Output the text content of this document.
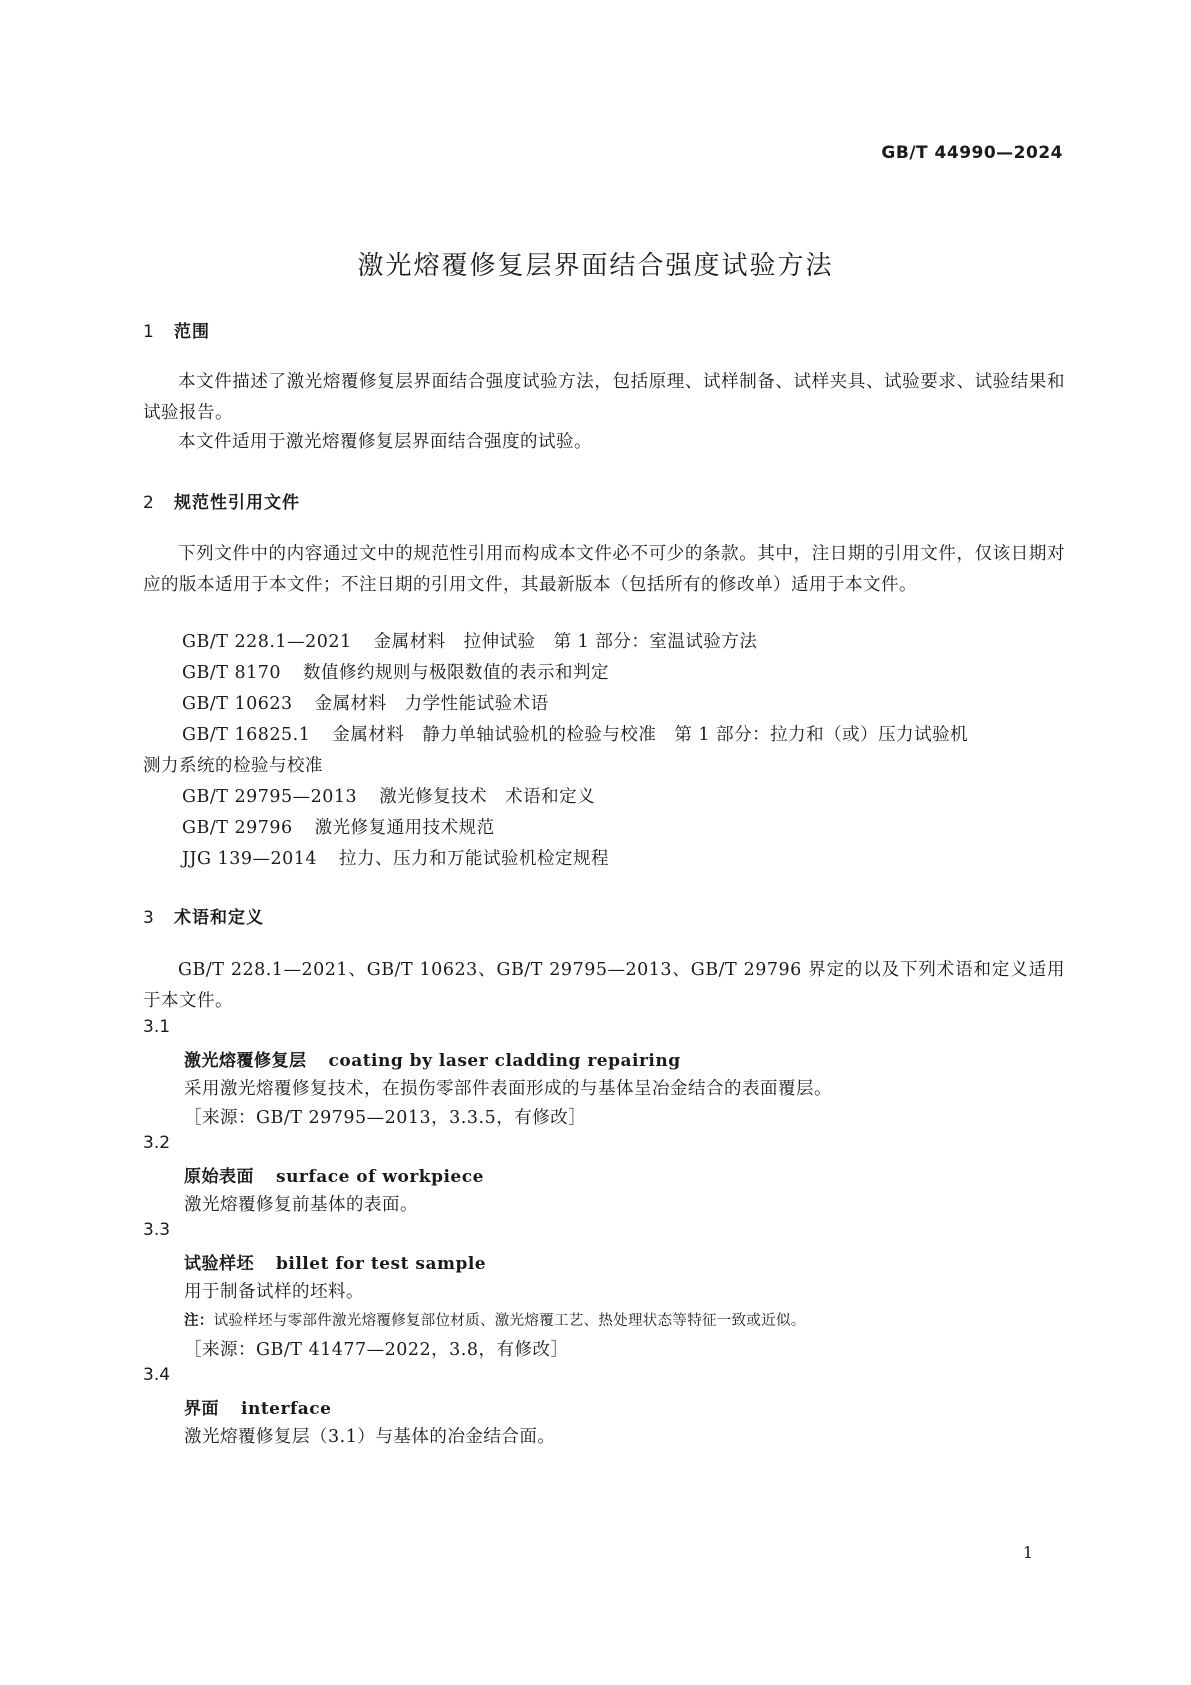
GB/T 44990—2024
激光熔覆修复层界面结合强度试验方法
1 范围
本文件描述了激光熔覆修复层界面结合强度试验方法，包括原理、试样制备、试样夹具、试验要求、试验结果和试验报告。
本文件适用于激光熔覆修复层界面结合强度的试验。
2 规范性引用文件
下列文件中的内容通过文中的规范性引用而构成本文件必不可少的条款。其中，注日期的引用文件，仅该日期对应的版本适用于本文件；不注日期的引用文件，其最新版本（包括所有的修改单）适用于本文件。
GB/T 228.1—2021 金属材料　拉伸试验　第 1 部分：室温试验方法
GB/T 8170 数值修约规则与极限数值的表示和判定
GB/T 10623 金属材料　力学性能试验术语
GB/T 16825.1 金属材料　静力单轴试验机的检验与校准　第 1 部分：拉力和（或）压力试验机
测力系统的检验与校准
GB/T 29795—2013 激光修复技术　术语和定义
GB/T 29796 激光修复通用技术规范
JJG 139—2014 拉力、压力和万能试验机检定规程
3 术语和定义
GB/T 228.1—2021、GB/T 10623、GB/T 29795—2013、GB/T 29796 界定的以及下列术语和定义适用于本文件。
3.1
激光熔覆修复层 coating by laser cladding repairing
采用激光熔覆修复技术，在损伤零部件表面形成的与基体呈冶金结合的表面覆层。
［来源：GB/T 29795—2013，3.3.5，有修改］
3.2
原始表面 surface of workpiece
激光熔覆修复前基体的表面。
3.3
试验样坯 billet for test sample
用于制备试样的坯料。
注：试验样坯与零部件激光熔覆修复部位材质、激光熔覆工艺、热处理状态等特征一致或近似。
［来源：GB/T 41477—2022，3.8，有修改］
3.4
界面 interface
激光熔覆修复层（3.1）与基体的冶金结合面。
1
